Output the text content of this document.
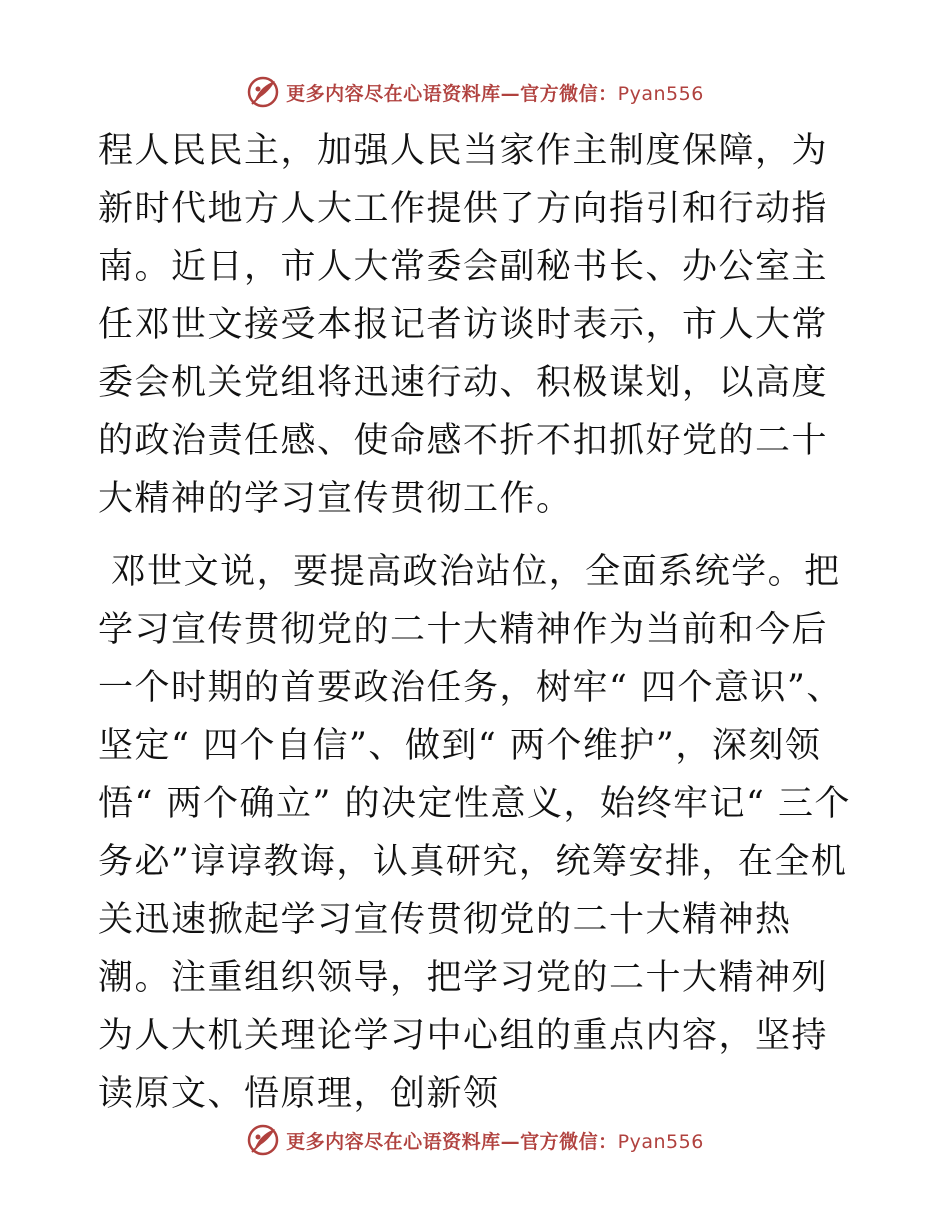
更多内容尽在心语资料库—官方微信：Pyan556

程人民民主，加强人民当家作主制度保障，为新时代地方人大工作提供了方向指引和行动指南。近日，市人大常委会副秘书长、办公室主任邓世文接受本报记者访谈时表示，市人大常委会机关党组将迅速行动、积极谋划，以高度的政治责任感、使命感不折不扣抓好党的二十大精神的学习宣传贯彻工作。

邓世文说，要提高政治站位，全面系统学。把学习宣传贯彻党的二十大精神作为当前和今后一个时期的首要政治任务，树牢“ 四个意识”、坚定“ 四个自信”、做到“ 两个维护”，深刻领悟“ 两个确立” 的决定性意义，始终牢记“ 三个务必”谆谆教诲，认真研究，统筹安排，在全机关迅速掀起学习宣传贯彻党的二十大精神热潮。注重组织领导，把学习党的二十大精神列为人大机关理论学习中心组的重点内容，坚持读原文、悟原理，创新领

更多内容尽在心语资料库—官方微信：Pyan556
